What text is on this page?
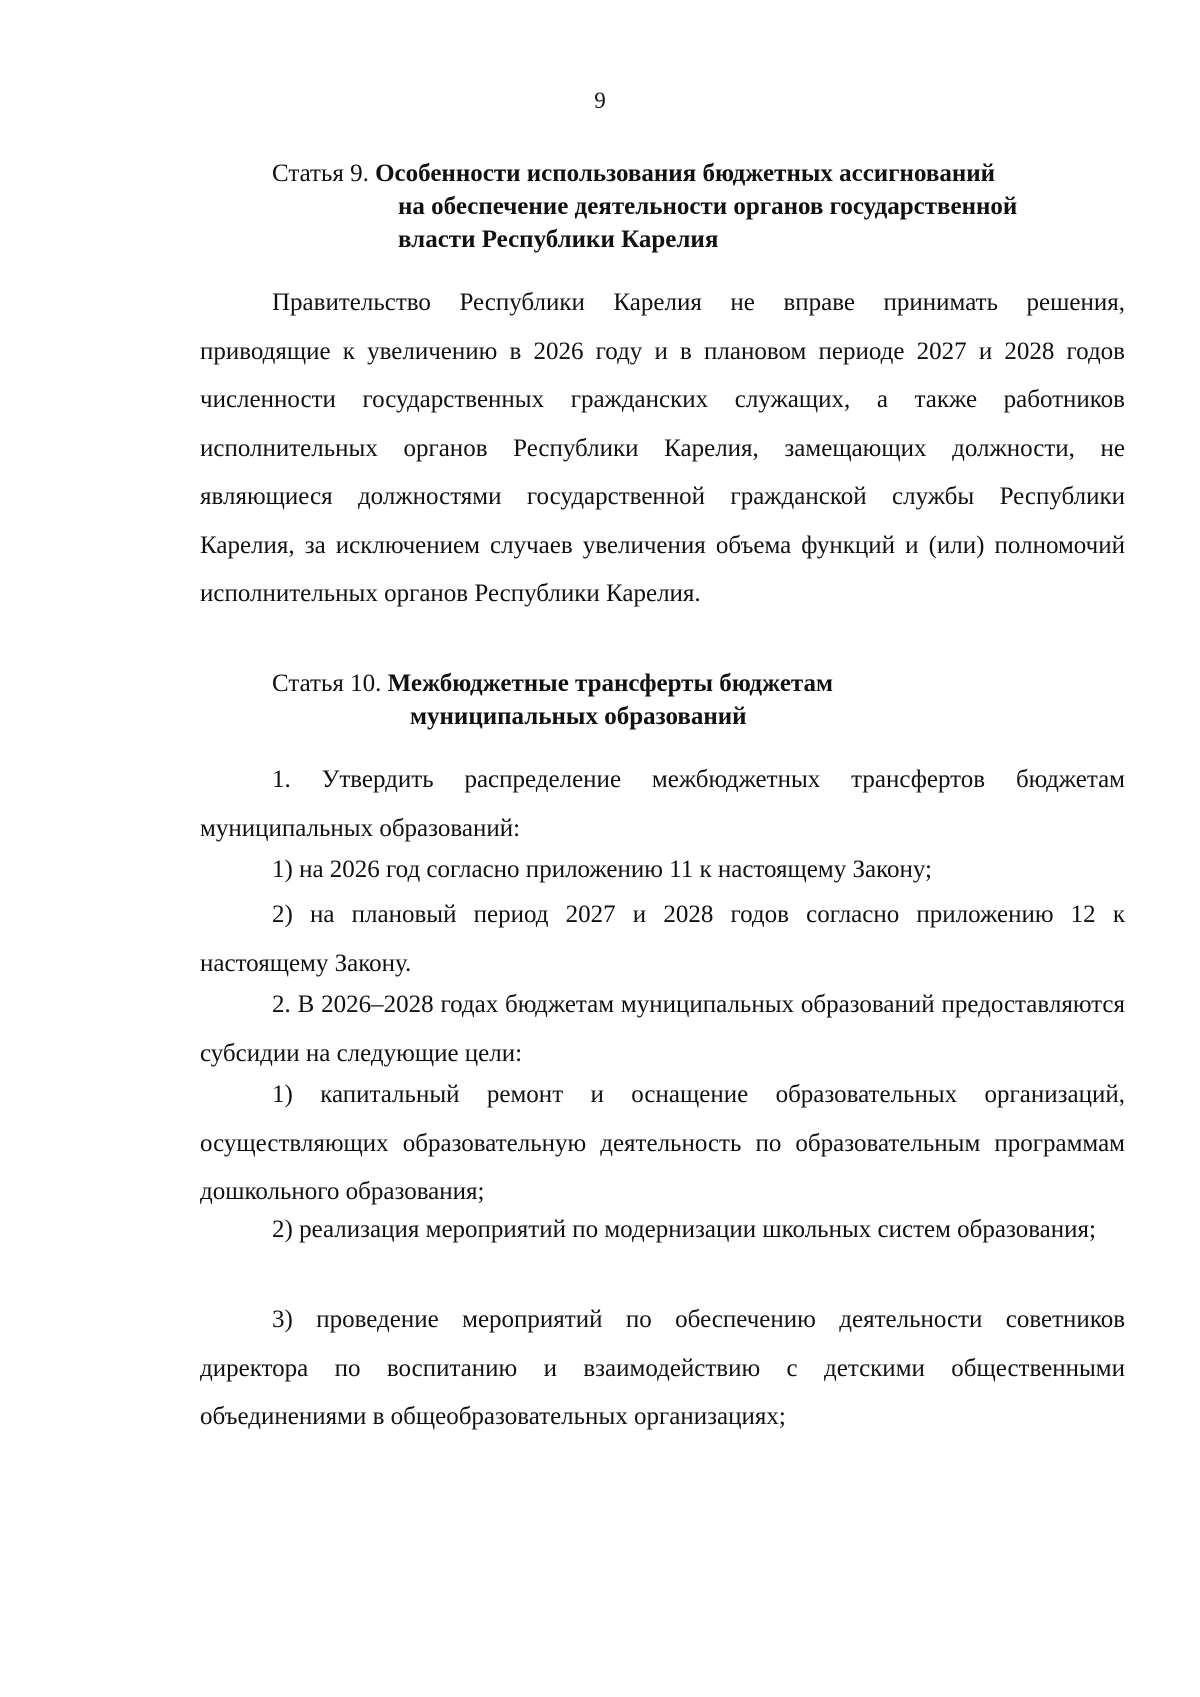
9
Статья 9. Особенности использования бюджетных ассигнований
на обеспечение деятельности органов государственной
власти Республики Карелия

Правительство Республики Карелия не вправе принимать решения, приводящие к увеличению в 2026 году и в плановом периоде 2027 и 2028 годов численности государственных гражданских служащих, а также работников исполнительных органов Республики Карелия, замещающих должности, не являющиеся должностями государственной гражданской службы Республики Карелия, за исключением случаев увеличения объема функций и (или) полномочий исполнительных органов Республики Карелия.

Статья 10. Межбюджетные трансферты бюджетам
муниципальных образований

1. Утвердить распределение межбюджетных трансфертов бюджетам муниципальных образований:

1) на 2026 год согласно приложению 11 к настоящему Закону;

2) на плановый период 2027 и 2028 годов согласно приложению 12 к настоящему Закону.

2. В 2026–2028 годах бюджетам муниципальных образований предоставляются субсидии на следующие цели:

1) капитальный ремонт и оснащение образовательных организаций, осуществляющих образовательную деятельность по образовательным программам дошкольного образования;

2) реализация мероприятий по модернизации школьных систем образования;

3) проведение мероприятий по обеспечению деятельности советников директора по воспитанию и взаимодействию с детскими общественными объединениями в общеобразовательных организациях;
